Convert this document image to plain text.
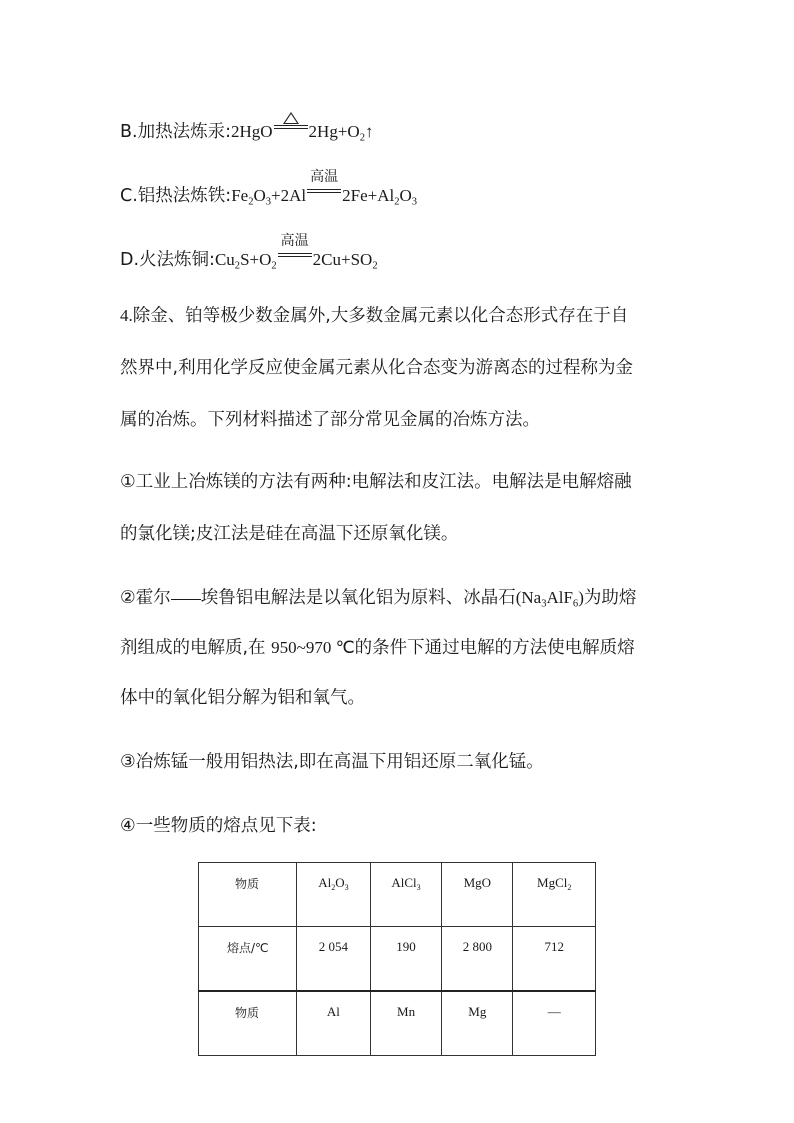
B.加热法炼汞:2HgO $2Hg+O_2↑$
C.铝热法炼铁$:Fe_2O_3+2Al$
高温
$2Fe+Al_2O_3$
D.火法炼铜$:Cu_2S+O_2$
高温
$2Cu+SO_2$
4.除金、铂等极少数金属外,大多数金属元素以化合态形式存在于自
然界中,利用化学反应使金属元素从化合态变为游离态的过程称为金
属的冶炼。下列材料描述了部分常见金属的冶炼方法。
①工业上冶炼镁的方法有两种:电解法和皮江法。电解法是电解熔融
的氯化镁;皮江法是硅在高温下还原氧化镁。
②霍尔 埃鲁铝电解法是以氧化铝为原料、冰晶石$(Na_3AlF_6)$为助熔
剂组成的电解质,在 950~970 ℃的条件下通过电解的方法使电解质熔
体中的氧化铝分解为铝和氧气。
③冶炼锰一般用铝热法,即在高温下用铝还原二氧化锰。
④一些物质的熔点见下表:
物质	$Al_2O_3$	AlCl$_3$	MgO	MgCl$_2$
熔点/℃	2 054	190	2 800	712
物质	Al	Mn	Mg	—
